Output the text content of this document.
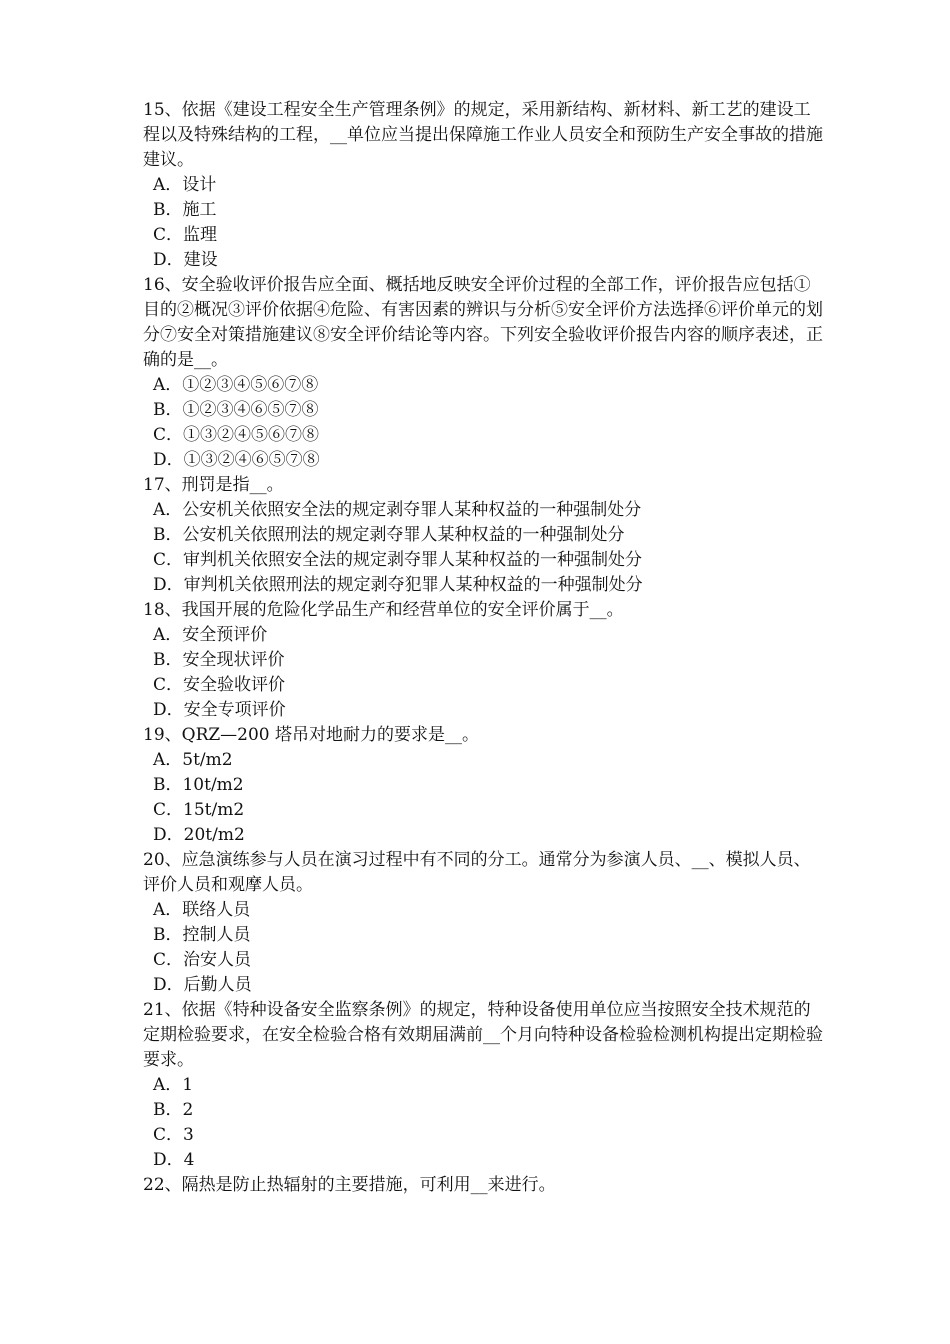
15、依据《建设工程安全生产管理条例》的规定，采用新结构、新材料、新工艺的建设工程以及特殊结构的工程，__单位应当提出保障施工作业人员安全和预防生产安全事故的措施建议。

A．设计

B．施工

C．监理

D．建设

16、安全验收评价报告应全面、概括地反映安全评价过程的全部工作，评价报告应包括①目的②概况③评价依据④危险、有害因素的辨识与分析⑤安全评价方法选择⑥评价单元的划分⑦安全对策措施建议⑧安全评价结论等内容。下列安全验收评价报告内容的顺序表述，正确的是__。

A．①②③④⑤⑥⑦⑧

B．①②③④⑥⑤⑦⑧

C．①③②④⑤⑥⑦⑧

D．①③②④⑥⑤⑦⑧

17、刑罚是指__。

A．公安机关依照安全法的规定剥夺罪人某种权益的一种强制处分

B．公安机关依照刑法的规定剥夺罪人某种权益的一种强制处分

C．审判机关依照安全法的规定剥夺罪人某种权益的一种强制处分

D．审判机关依照刑法的规定剥夺犯罪人某种权益的一种强制处分

18、我国开展的危险化学品生产和经营单位的安全评价属于__。

A．安全预评价

B．安全现状评价

C．安全验收评价

D．安全专项评价

19、QRZ—200 塔吊对地耐力的要求是__。

A．5t/m2

B．10t/m2

C．15t/m2

D．20t/m2

20、应急演练参与人员在演习过程中有不同的分工。通常分为参演人员、__、模拟人员、评价人员和观摩人员。

A．联络人员

B．控制人员

C．治安人员

D．后勤人员

21、依据《特种设备安全监察条例》的规定，特种设备使用单位应当按照安全技术规范的定期检验要求，在安全检验合格有效期届满前__个月向特种设备检验检测机构提出定期检验要求。

A．1

B．2

C．3

D．4

22、隔热是防止热辐射的主要措施，可利用__来进行。
